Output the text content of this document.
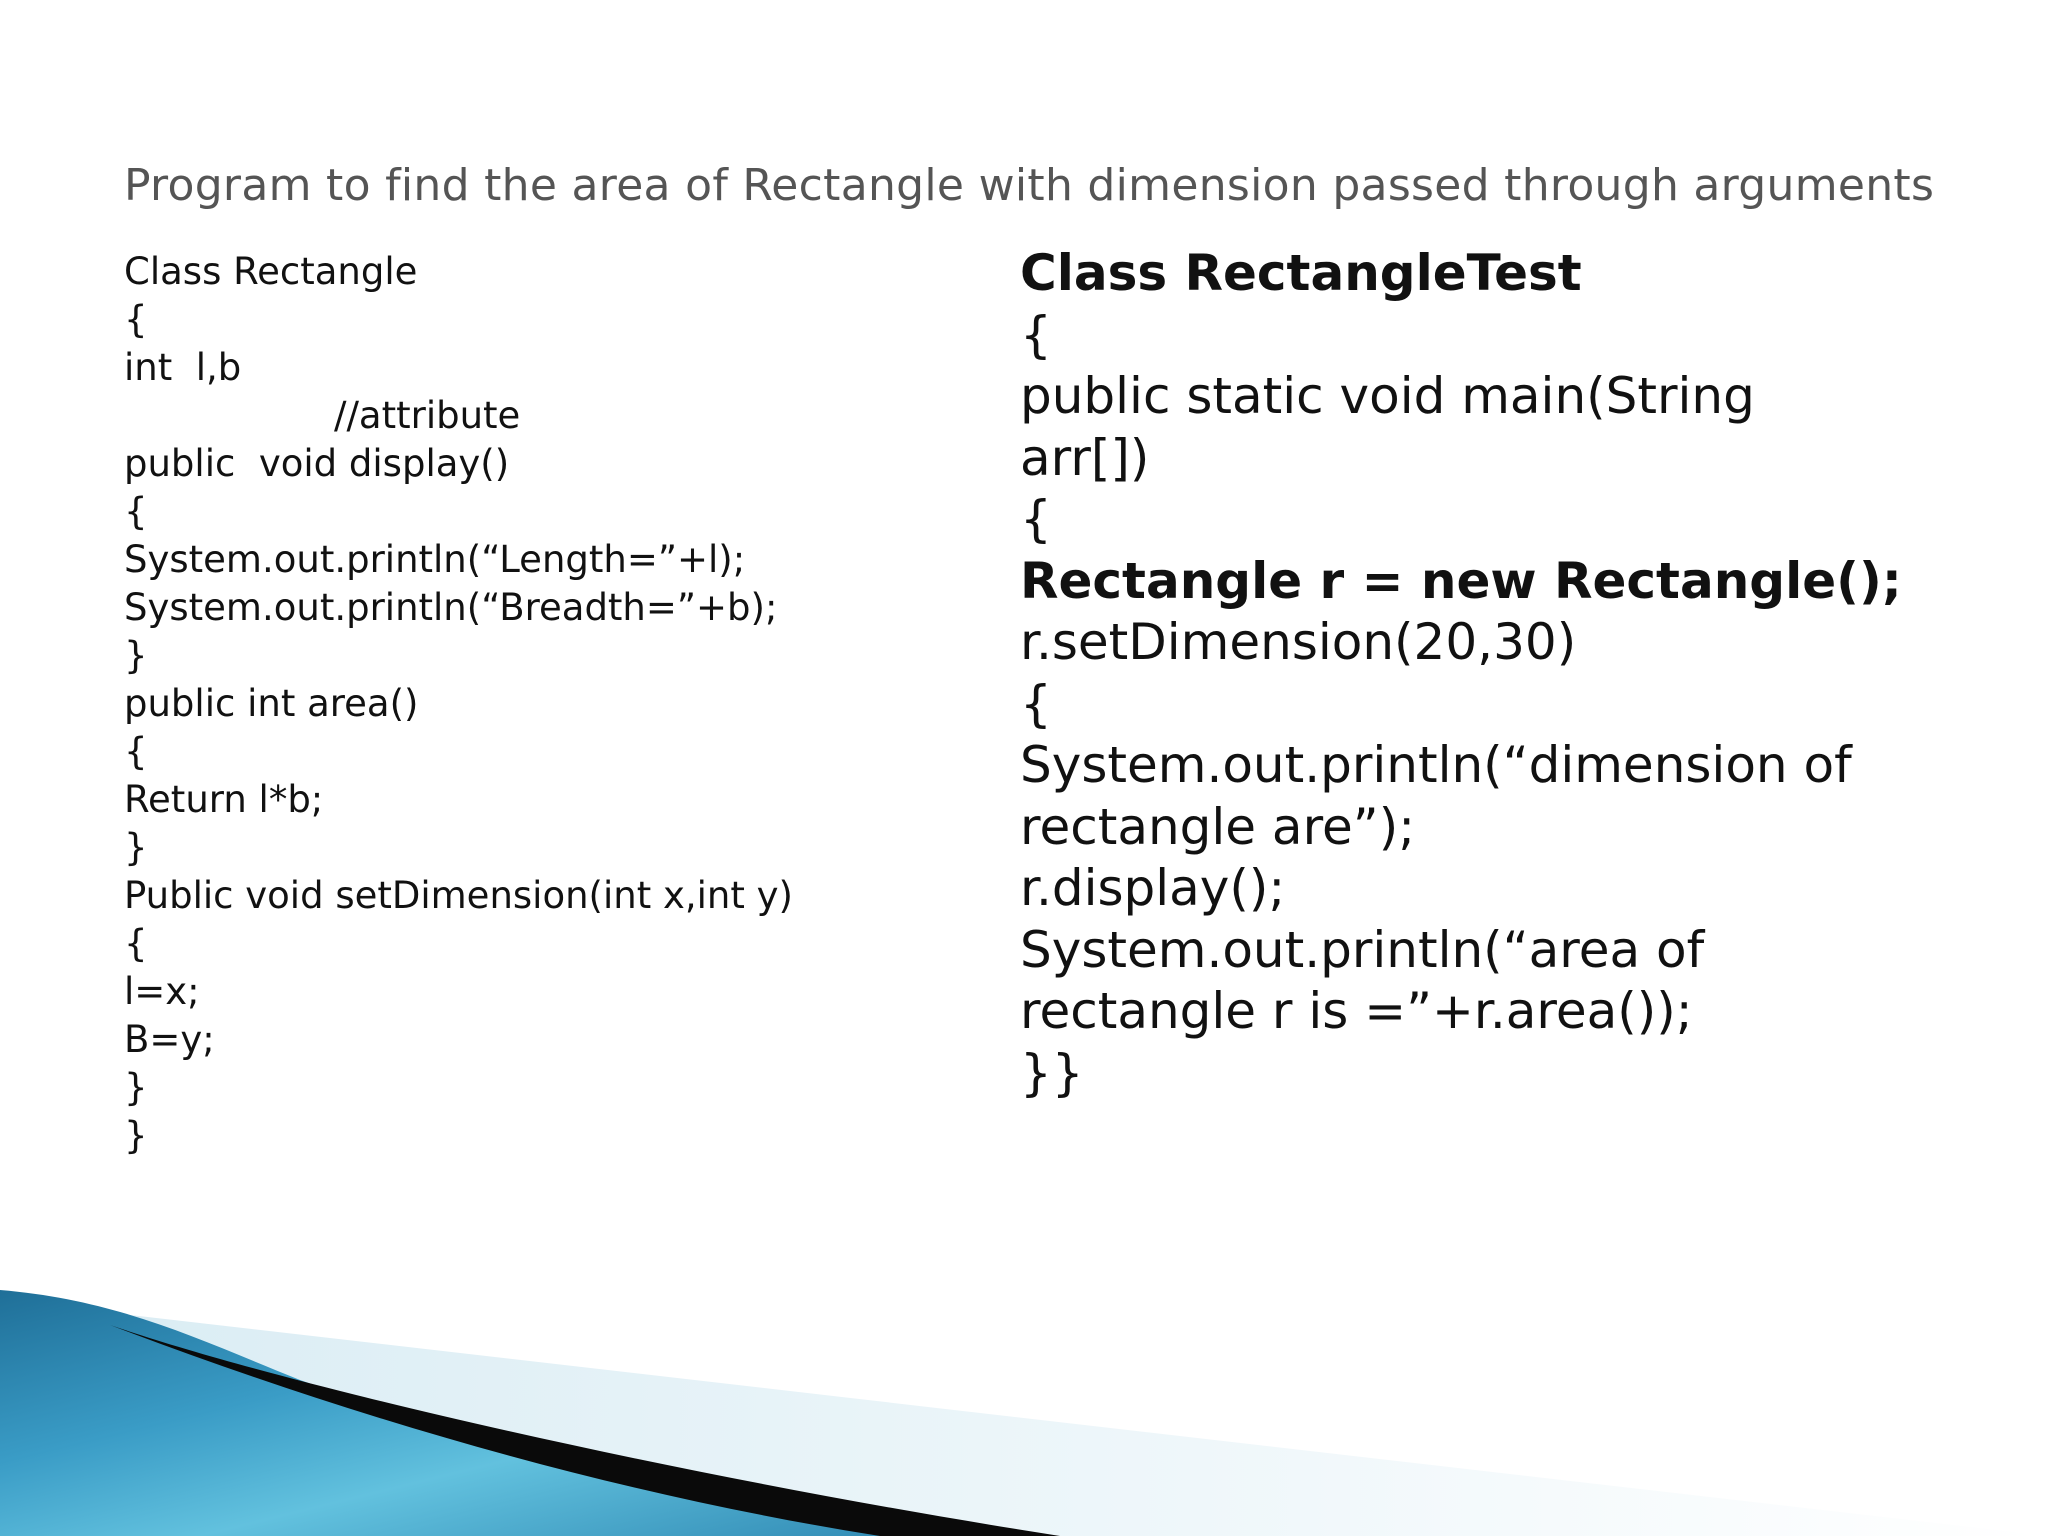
Program to find the area of Rectangle with dimension passed through arguments
Class Rectangle
{
int  l,b
//attribute
public  void display()
{
System.out.println(“Length=”+l);
System.out.println(“Breadth=”+b);
}
public int area()
{
Return l*b;
}
Public void setDimension(int x,int y)
{
l=x;
B=y;
}
}
Class RectangleTest
{
public static void main(String
arr[])
{
Rectangle r = new Rectangle();
r.setDimension(20,30)
{
System.out.println(“dimension of
rectangle are”);
r.display();
System.out.println(“area of
rectangle r is =”+r.area());
}}
